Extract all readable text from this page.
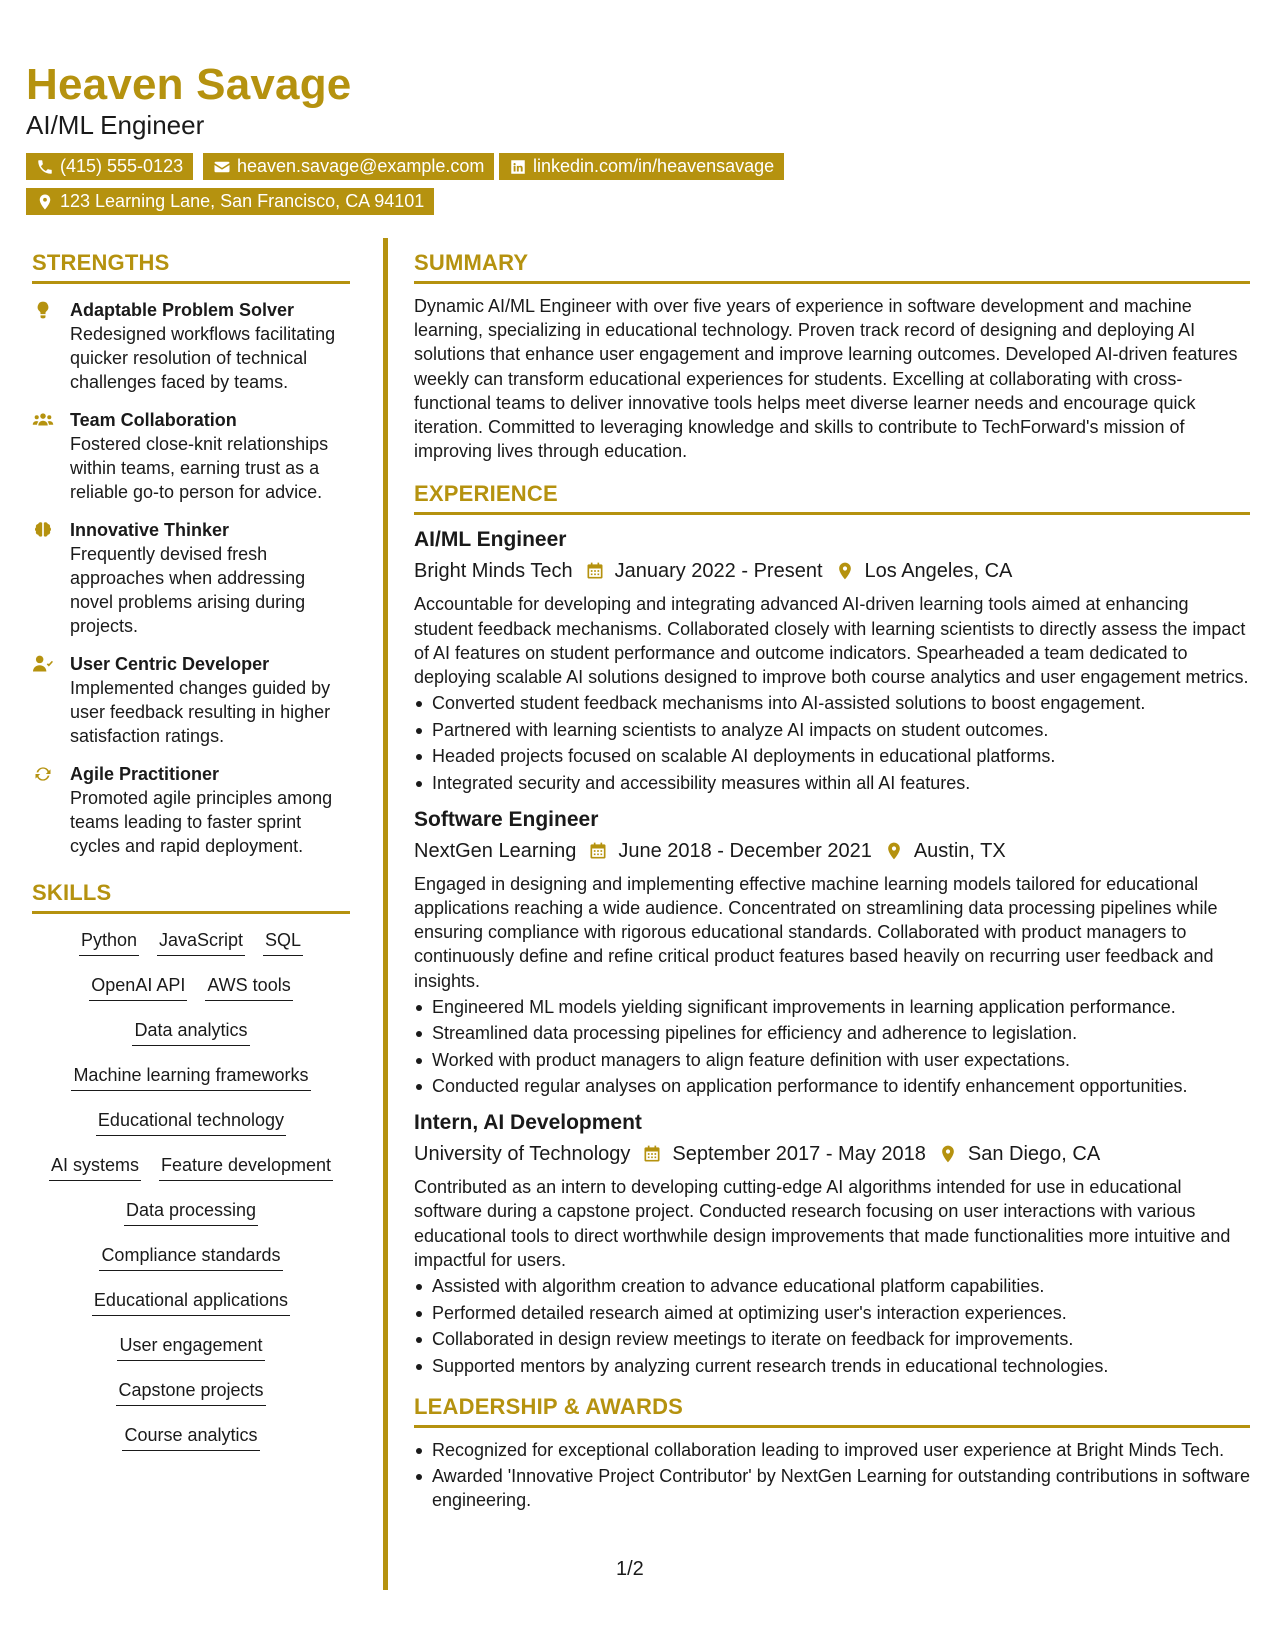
Heaven Savage
AI/ML Engineer
(415) 555-0123	heaven.savage@example.com	linkedin.com/in/heavensavage
123 Learning Lane, San Francisco, CA 94101
STRENGTHS
Adaptable Problem Solver
Redesigned workflows facilitating quicker resolution of technical challenges faced by teams.
Team Collaboration
Fostered close-knit relationships within teams, earning trust as a reliable go-to person for advice.
Innovative Thinker
Frequently devised fresh approaches when addressing novel problems arising during projects.
User Centric Developer
Implemented changes guided by user feedback resulting in higher satisfaction ratings.
Agile Practitioner
Promoted agile principles among teams leading to faster sprint cycles and rapid deployment.
SKILLS
Python JavaScript SQL
OpenAI API AWS tools
Data analytics
Machine learning frameworks
Educational technology
AI systems Feature development
Data processing
Compliance standards
Educational applications
User engagement
Capstone projects
Course analytics
SUMMARY
Dynamic AI/ML Engineer with over five years of experience in software development and machine learning, specializing in educational technology. Proven track record of designing and deploying AI solutions that enhance user engagement and improve learning outcomes. Developed AI-driven features weekly can transform educational experiences for students. Excelling at collaborating with cross-functional teams to deliver innovative tools helps meet diverse learner needs and encourage quick iteration. Committed to leveraging knowledge and skills to contribute to TechForward's mission of improving lives through education.
EXPERIENCE
AI/ML Engineer
Bright Minds Tech January 2022 - Present Los Angeles, CA
Accountable for developing and integrating advanced AI-driven learning tools aimed at enhancing student feedback mechanisms. Collaborated closely with learning scientists to directly assess the impact of AI features on student performance and outcome indicators. Spearheaded a team dedicated to deploying scalable AI solutions designed to improve both course analytics and user engagement metrics.
Converted student feedback mechanisms into AI-assisted solutions to boost engagement.
Partnered with learning scientists to analyze AI impacts on student outcomes.
Headed projects focused on scalable AI deployments in educational platforms.
Integrated security and accessibility measures within all AI features.
Software Engineer
NextGen Learning June 2018 - December 2021 Austin, TX
Engaged in designing and implementing effective machine learning models tailored for educational applications reaching a wide audience. Concentrated on streamlining data processing pipelines while ensuring compliance with rigorous educational standards. Collaborated with product managers to continuously define and refine critical product features based heavily on recurring user feedback and insights.
Engineered ML models yielding significant improvements in learning application performance.
Streamlined data processing pipelines for efficiency and adherence to legislation.
Worked with product managers to align feature definition with user expectations.
Conducted regular analyses on application performance to identify enhancement opportunities.
Intern, AI Development
University of Technology September 2017 - May 2018 San Diego, CA
Contributed as an intern to developing cutting-edge AI algorithms intended for use in educational software during a capstone project. Conducted research focusing on user interactions with various educational tools to direct worthwhile design improvements that made functionalities more intuitive and impactful for users.
Assisted with algorithm creation to advance educational platform capabilities.
Performed detailed research aimed at optimizing user's interaction experiences.
Collaborated in design review meetings to iterate on feedback for improvements.
Supported mentors by analyzing current research trends in educational technologies.
LEADERSHIP & AWARDS
Recognized for exceptional collaboration leading to improved user experience at Bright Minds Tech.
Awarded 'Innovative Project Contributor' by NextGen Learning for outstanding contributions in software engineering.
1/2
